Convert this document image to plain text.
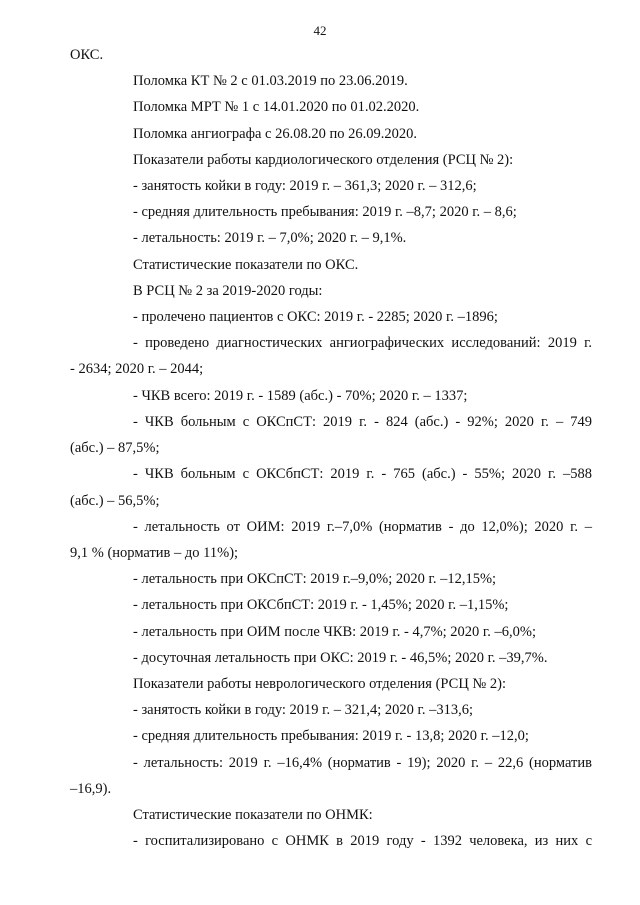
42
ОКС.
Поломка КТ № 2 с 01.03.2019 по 23.06.2019.
Поломка МРТ № 1 с 14.01.2020 по 01.02.2020.
Поломка ангиографа с 26.08.20 по 26.09.2020.
Показатели работы кардиологического отделения (РСЦ № 2):
- занятость койки в году: 2019 г. – 361,3; 2020 г. – 312,6;
- средняя длительность пребывания: 2019 г. –8,7; 2020 г. – 8,6;
- летальность: 2019 г. – 7,0%; 2020 г. – 9,1%.
Статистические показатели по ОКС.
В РСЦ № 2 за 2019-2020 годы:
- пролечено пациентов с ОКС: 2019 г. - 2285; 2020 г. –1896;
- проведено диагностических ангиографических исследований: 2019 г.
- 2634; 2020 г. – 2044;
- ЧКВ всего: 2019 г. - 1589 (абс.) - 70%; 2020 г. – 1337;
- ЧКВ больным с ОКСпСТ: 2019 г. - 824 (абс.) - 92%; 2020 г. – 749
(абс.) – 87,5%;
- ЧКВ больным с ОКСбпСТ: 2019 г. - 765 (абс.) - 55%; 2020 г. –588
(абс.) – 56,5%;
- летальность от ОИМ: 2019 г.–7,0% (норматив - до 12,0%); 2020 г. –
9,1 % (норматив – до 11%);
- летальность при ОКСпСТ: 2019 г.–9,0%; 2020 г. –12,15%;
- летальность при ОКСбпСТ: 2019 г. - 1,45%; 2020 г. –1,15%;
- летальность при ОИМ после ЧКВ: 2019 г. - 4,7%; 2020 г. –6,0%;
- досуточная летальность при ОКС: 2019 г. - 46,5%; 2020 г. –39,7%.
Показатели работы неврологического отделения (РСЦ № 2):
- занятость койки в году: 2019 г. – 321,4; 2020 г. –313,6;
- средняя длительность пребывания: 2019 г. - 13,8; 2020 г. –12,0;
- летальность: 2019 г. –16,4% (норматив - 19); 2020 г. – 22,6 (норматив
–16,9).
Статистические показатели по ОНМК:
- госпитализировано с ОНМК в 2019 году - 1392 человека, из них с
